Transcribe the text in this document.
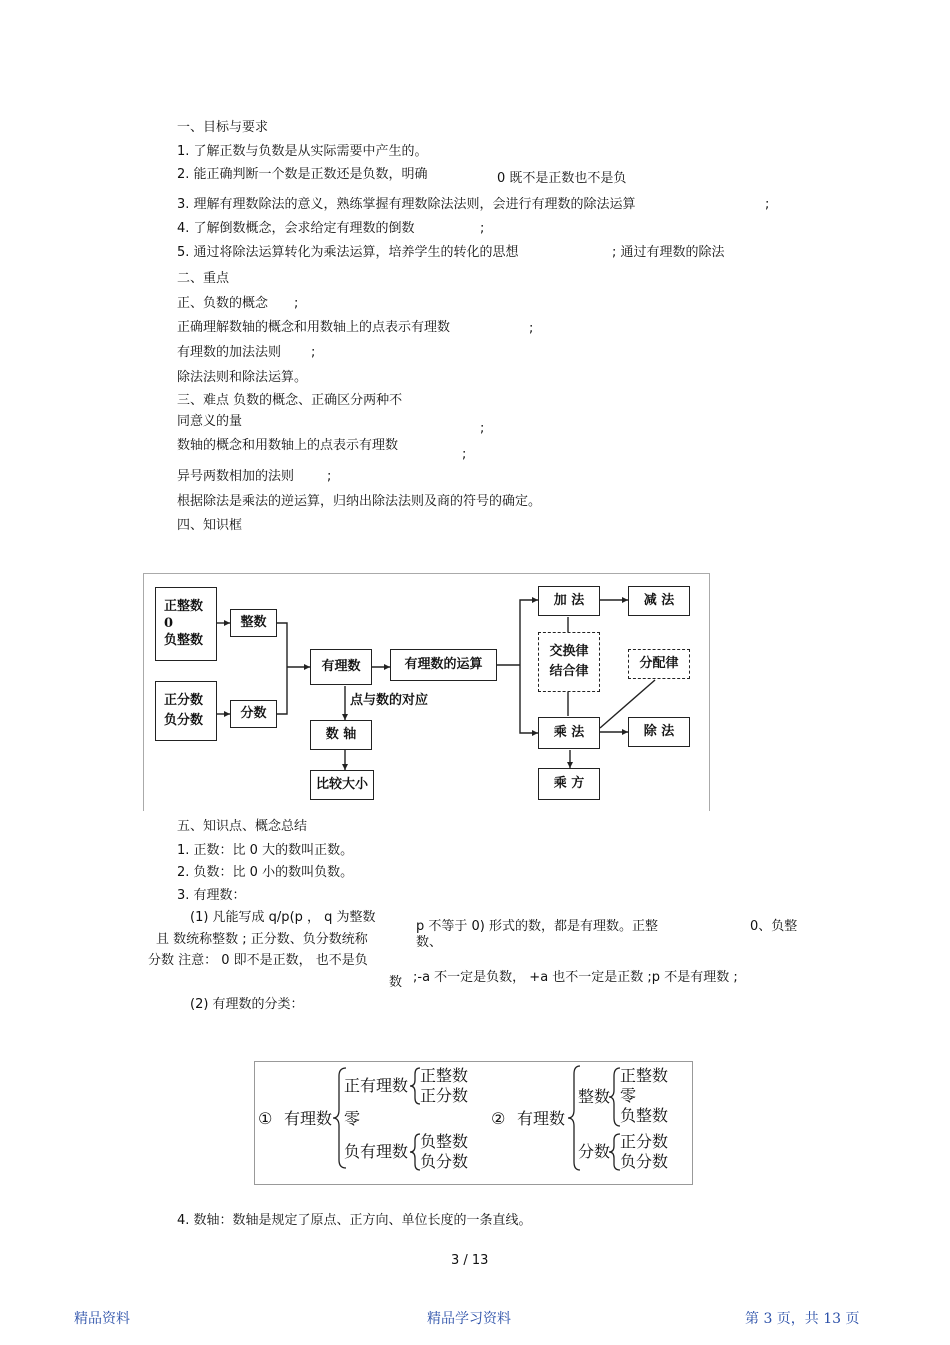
一、目标与要求
1. 了解正数与负数是从实际需要中产生的。
2. 能正确判断一个数是正数还是负数，明确	0 既不是正数也不是负
3. 理解有理数除法的意义，熟练掌握有理数除法法则，会进行有理数的除法运算	;
4. 了解倒数概念，会求给定有理数的倒数	;
5. 通过将除法运算转化为乘法运算，培养学生的转化的思想	; 通过有理数的除法
二、重点
正、负数的概念 ;
正确理解数轴的概念和用数轴上的点表示有理数	;
有理数的加法法则 ;
除法法则和除法运算。
三、难点 负数的概念、正确区分两种不
同意义的量	;
数轴的概念和用数轴上的点表示有理数
;
异号两数相加的法则	;
根据除法是乘法的逆运算，归纳出除法法则及商的符号的确定。
四、知识框
正整数
0
负整数
整数
正分数
负分数	分数
有理数	有理数的运算
点与数的对应
数 轴
比较大小
加 法	减 法
交换律
结合律
分配律
乘 法	除 法
乘 方
五、知识点、概念总结
1. 正数：比 0 大的数叫正数。
2. 负数：比 0 小的数叫负数。
3. 有理数：
(1) 凡能写成 q/p(p ， q 为整数
p 不等于 0) 形式的数，都是有理数。正整	0、负整
且 数统称整数 ; 正分数、负分数统称	数、
分数 注意： 0 即不是正数， 也不是负
;-a 不一定是负数， +a 也不一定是正数 ;p 不是有理数 ;
数
(2) 有理数的分类：
① 有理数
正有理数
零
负有理数
正整数
正分数
负整数
负分数
② 有理数
整数
分数
正整数
零
负整数
正分数
负分数
4. 数轴：数轴是规定了原点、正方向、单位长度的一条直线。
3 / 13
精品资料	精品学习资料	第 3 页，共 13 页
